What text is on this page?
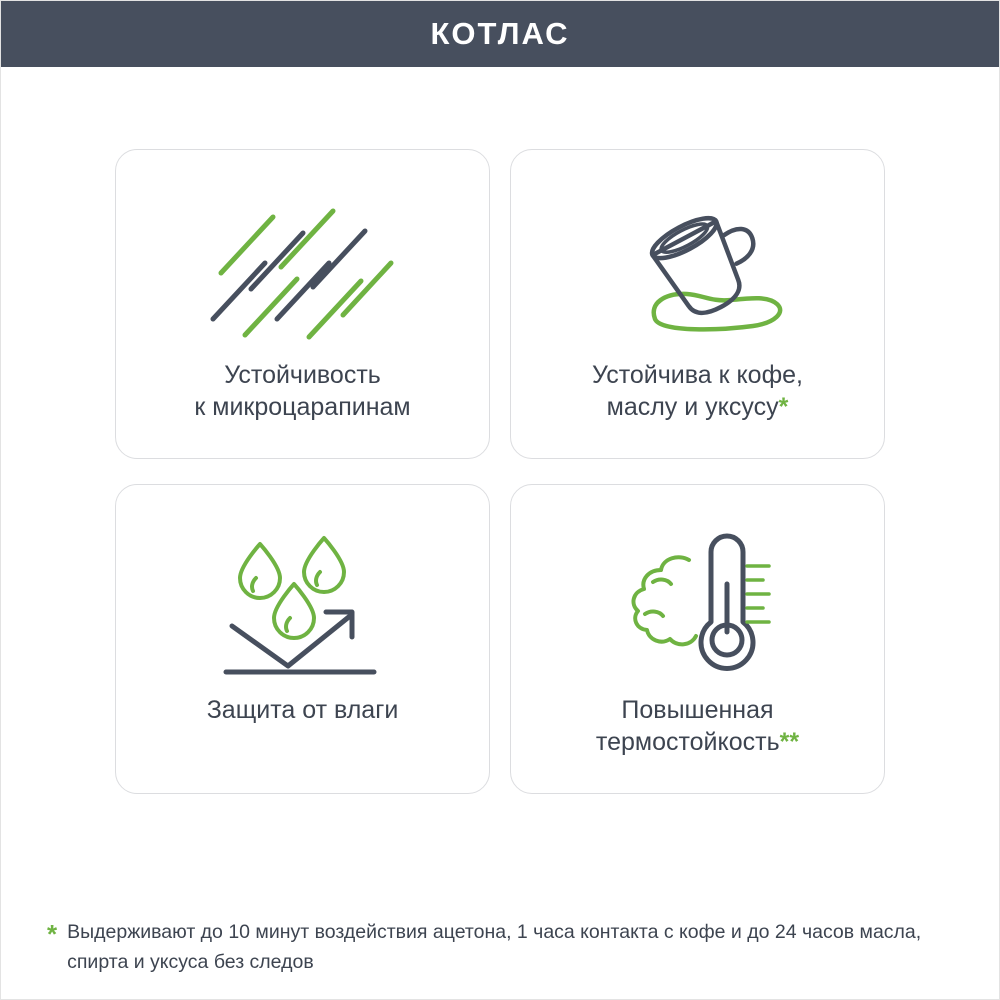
КОТЛАС
Устойчивость
к микроцарапинам
Устойчива к кофе,
маслу и уксусу*
Защита от влаги	Повышенная
термостойкость**
* Выдерживают до 10 минут воздействия ацетона, 1 часа контакта с кофе и до 24 часов масла, спирта и уксуса без следов
